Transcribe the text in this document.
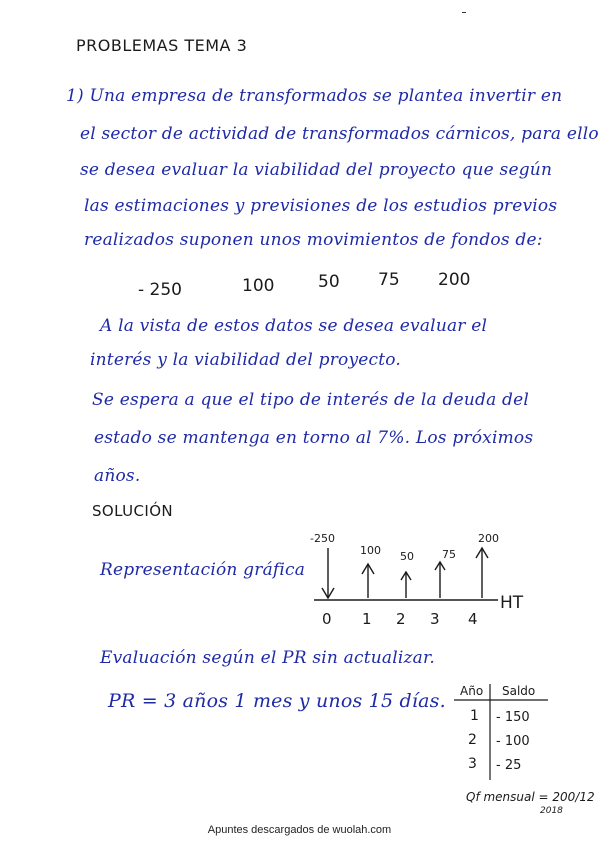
PROBLEMAS TEMA 3
1) Una empresa de transformados se plantea invertir en
el sector de actividad de transformados cárnicos, para ello
se desea evaluar la viabilidad del proyecto que según
las estimaciones y previsiones de los estudios previos
realizados suponen unos movimientos de fondos de:
- 250	100	50 75 200
A la vista de estos datos se desea evaluar el
interés y la viabilidad del proyecto.
Se espera a que el tipo de interés de la deuda del
estado se mantenga en torno al 7%. Los próximos
años.
SOLUCIÓN
Representación gráfica
-250
100 50	75
200
0 1 2 3 4
HT
Evaluación según el PR sin actualizar.
PR = 3 años 1 mes y unos 15 días. Año Saldo
1 - 150
2 - 100
3 - 25
Qf mensual = 200/12
2018
Apuntes descargados de wuolah.com
